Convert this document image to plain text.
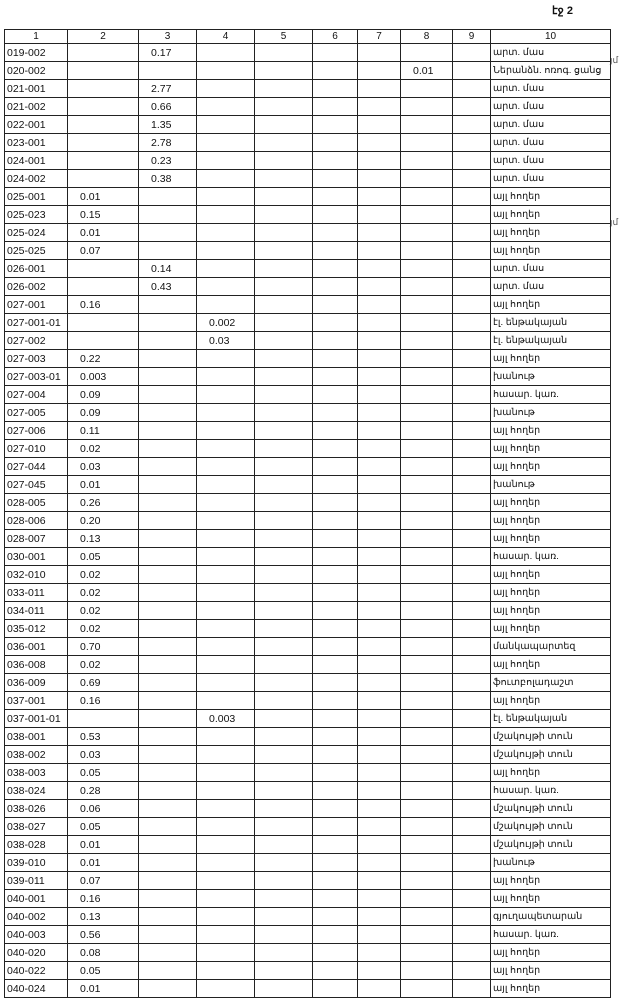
էջ 2
յմ
յմ
1	2	3	4	5	6	7	8	9	10
019-002		0.17							արտ. մաս
020-002							0.01		Ներանձն. ոռոգ. ցանց
021-001		2.77							արտ. մաս
021-002		0.66							արտ. մաս
022-001		1.35							արտ. մաս
023-001		2.78							արտ. մաս
024-001		0.23							արտ. մաս
024-002		0.38							արտ. մաս
025-001	0.01								այլ հողեր
025-023	0.15								այլ հողեր
025-024	0.01								այլ հողեր
025-025	0.07								այլ հողեր
026-001		0.14							արտ. մաս
026-002		0.43							արտ. մաս
027-001	0.16								այլ հողեր
027-001-01			0.002						էլ. ենթակայան
027-002			0.03						էլ. ենթակայան
027-003	0.22								այլ հողեր
027-003-01	0.003								խանութ
027-004	0.09								հասար. կառ.
027-005	0.09								խանութ
027-006	0.11								այլ հողեր
027-010	0.02								այլ հողեր
027-044	0.03								այլ հողեր
027-045	0.01								խանութ
028-005	0.26								այլ հողեր
028-006	0.20								այլ հողեր
028-007	0.13								այլ հողեր
030-001	0.05								հասար. կառ.
032-010	0.02								այլ հողեր
033-011	0.02								այլ հողեր
034-011	0.02								այլ հողեր
035-012	0.02								այլ հողեր
036-001	0.70								մանկապարտեզ
036-008	0.02								այլ հողեր
036-009	0.69								ֆուտբոլադաշտ
037-001	0.16								այլ հողեր
037-001-01			0.003						էլ. ենթակայան
038-001	0.53								մշակույթի տուն
038-002	0.03								մշակույթի տուն
038-003	0.05								այլ հողեր
038-024	0.28								հասար. կառ.
038-026	0.06								մշակույթի տուն
038-027	0.05								մշակույթի տուն
038-028	0.01								մշակույթի տուն
039-010	0.01								խանութ
039-011	0.07								այլ հողեր
040-001	0.16								այլ հողեր
040-002	0.13								գյուղապետարան
040-003	0.56								հասար. կառ.
040-020	0.08								այլ հողեր
040-022	0.05								այլ հողեր
040-024	0.01								այլ հողեր
